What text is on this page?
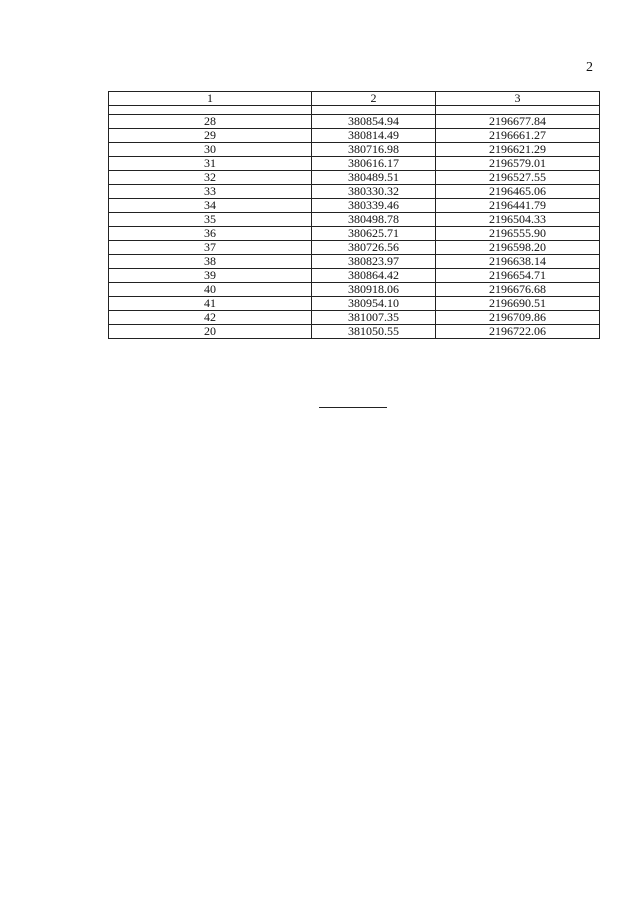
2
1	2	3

28	380854.94	2196677.84
29	380814.49	2196661.27
30	380716.98	2196621.29
31	380616.17	2196579.01
32	380489.51	2196527.55
33	380330.32	2196465.06
34	380339.46	2196441.79
35	380498.78	2196504.33
36	380625.71	2196555.90
37	380726.56	2196598.20
38	380823.97	2196638.14
39	380864.42	2196654.71
40	380918.06	2196676.68
41	380954.10	2196690.51
42	381007.35	2196709.86
20	381050.55	2196722.06
